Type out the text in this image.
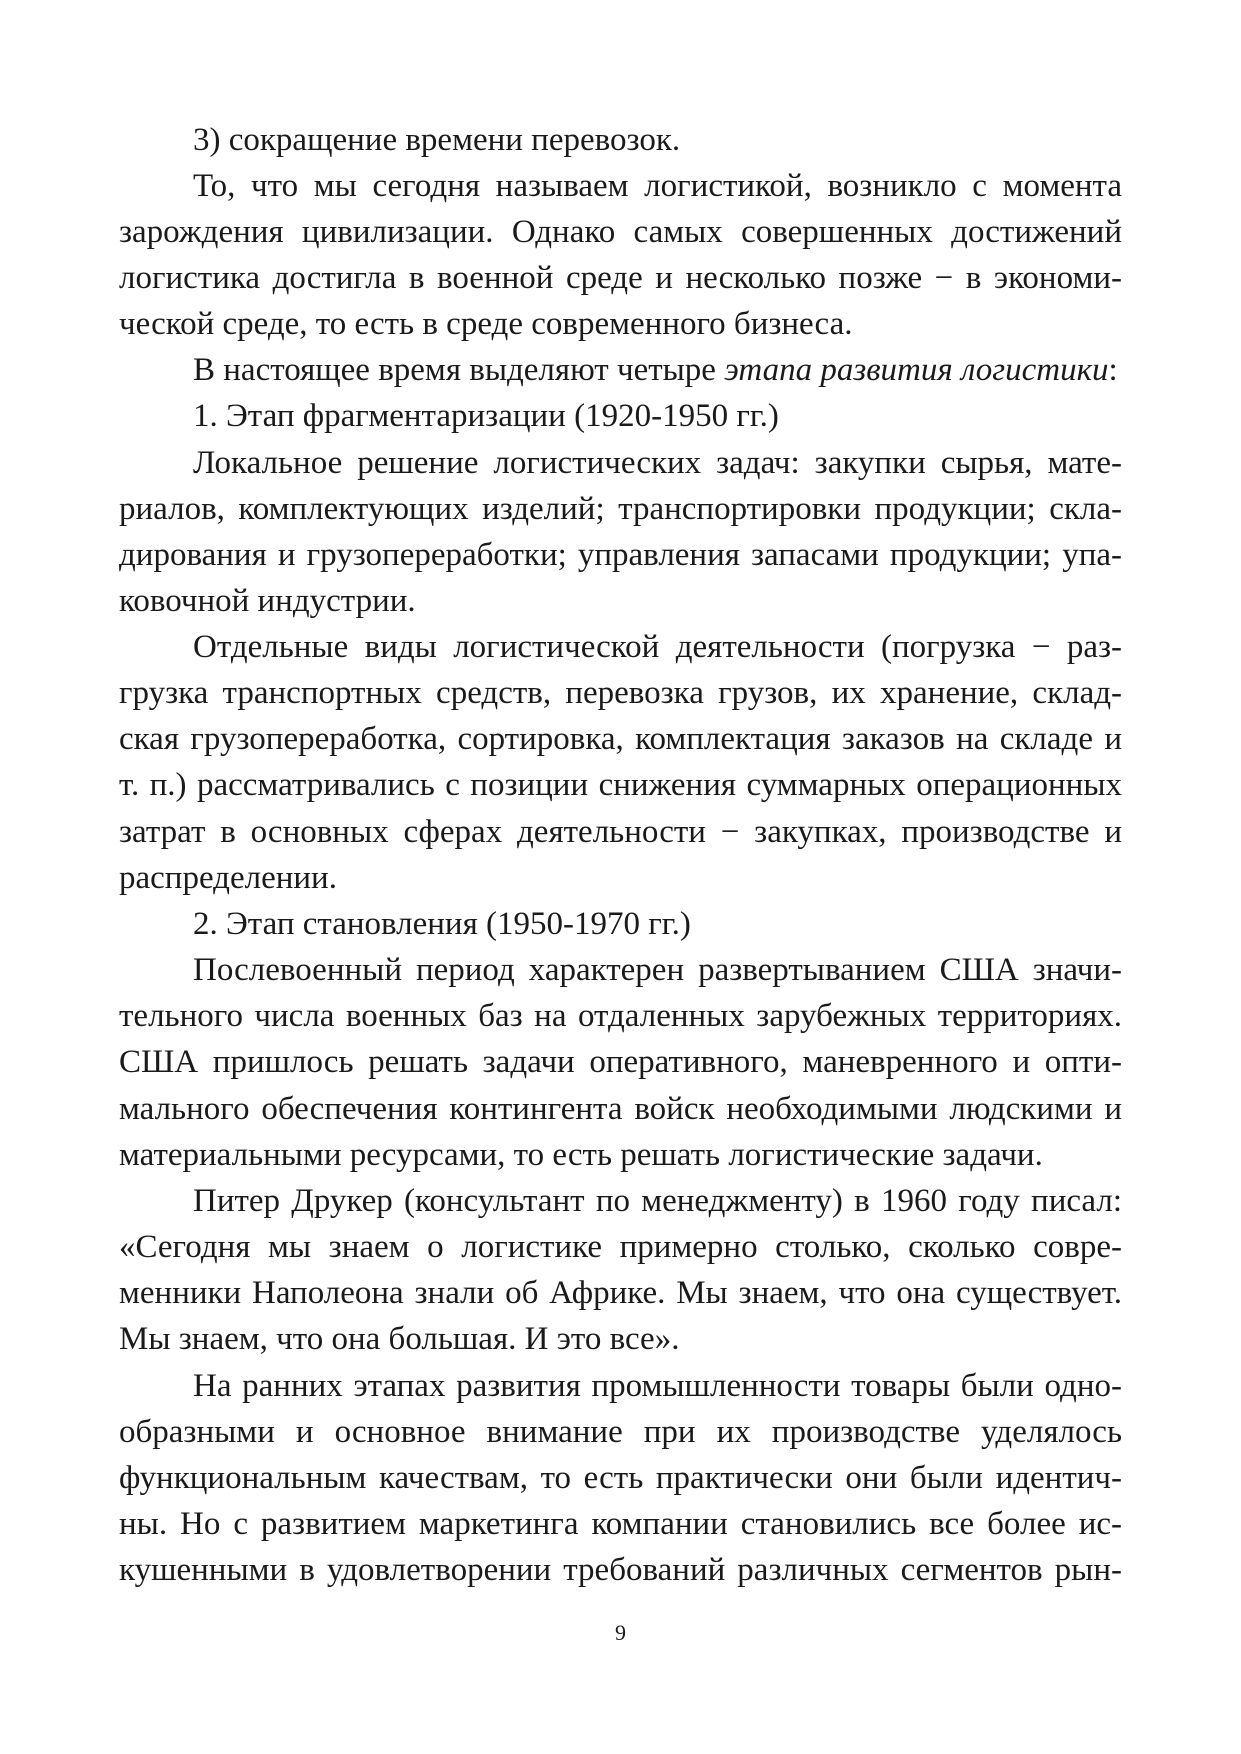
3) сокращение времени перевозок.
То, что мы сегодня называем логистикой, возникло с момента
зарождения цивилизации. Однако самых совершенных достижений
логистика достигла в военной среде и несколько позже − в экономи-
ческой среде, то есть в среде современного бизнеса.
В настоящее время выделяют четыре этапа развития логистики:
1. Этап фрагментаризации (1920-1950 гг.)
Локальное решение логистических задач: закупки сырья, мате-
риалов, комплектующих изделий; транспортировки продукции; скла-
дирования и грузопереработки; управления запасами продукции; упа-
ковочной индустрии.
Отдельные виды логистической деятельности (погрузка − раз-
грузка транспортных средств, перевозка грузов, их хранение, склад-
ская грузопереработка, сортировка, комплектация заказов на складе и
т. п.) рассматривались с позиции снижения суммарных операционных
затрат в основных сферах деятельности − закупках, производстве и
распределении.
2. Этап становления (1950-1970 гг.)
Послевоенный период характерен развертыванием США значи-
тельного числа военных баз на отдаленных зарубежных территориях.
США пришлось решать задачи оперативного, маневренного и опти-
мального обеспечения контингента войск необходимыми людскими и
материальными ресурсами, то есть решать логистические задачи.
Питер Друкер (консультант по менеджменту) в 1960 году писал:
«Сегодня мы знаем о логистике примерно столько, сколько совре-
менники Наполеона знали об Африке. Мы знаем, что она существует.
Мы знаем, что она большая. И это все».
На ранних этапах развития промышленности товары были одно-
образными и основное внимание при их производстве уделялось
функциональным качествам, то есть практически они были идентич-
ны. Но с развитием маркетинга компании становились все более ис-
кушенными в удовлетворении требований различных сегментов рын-
9
